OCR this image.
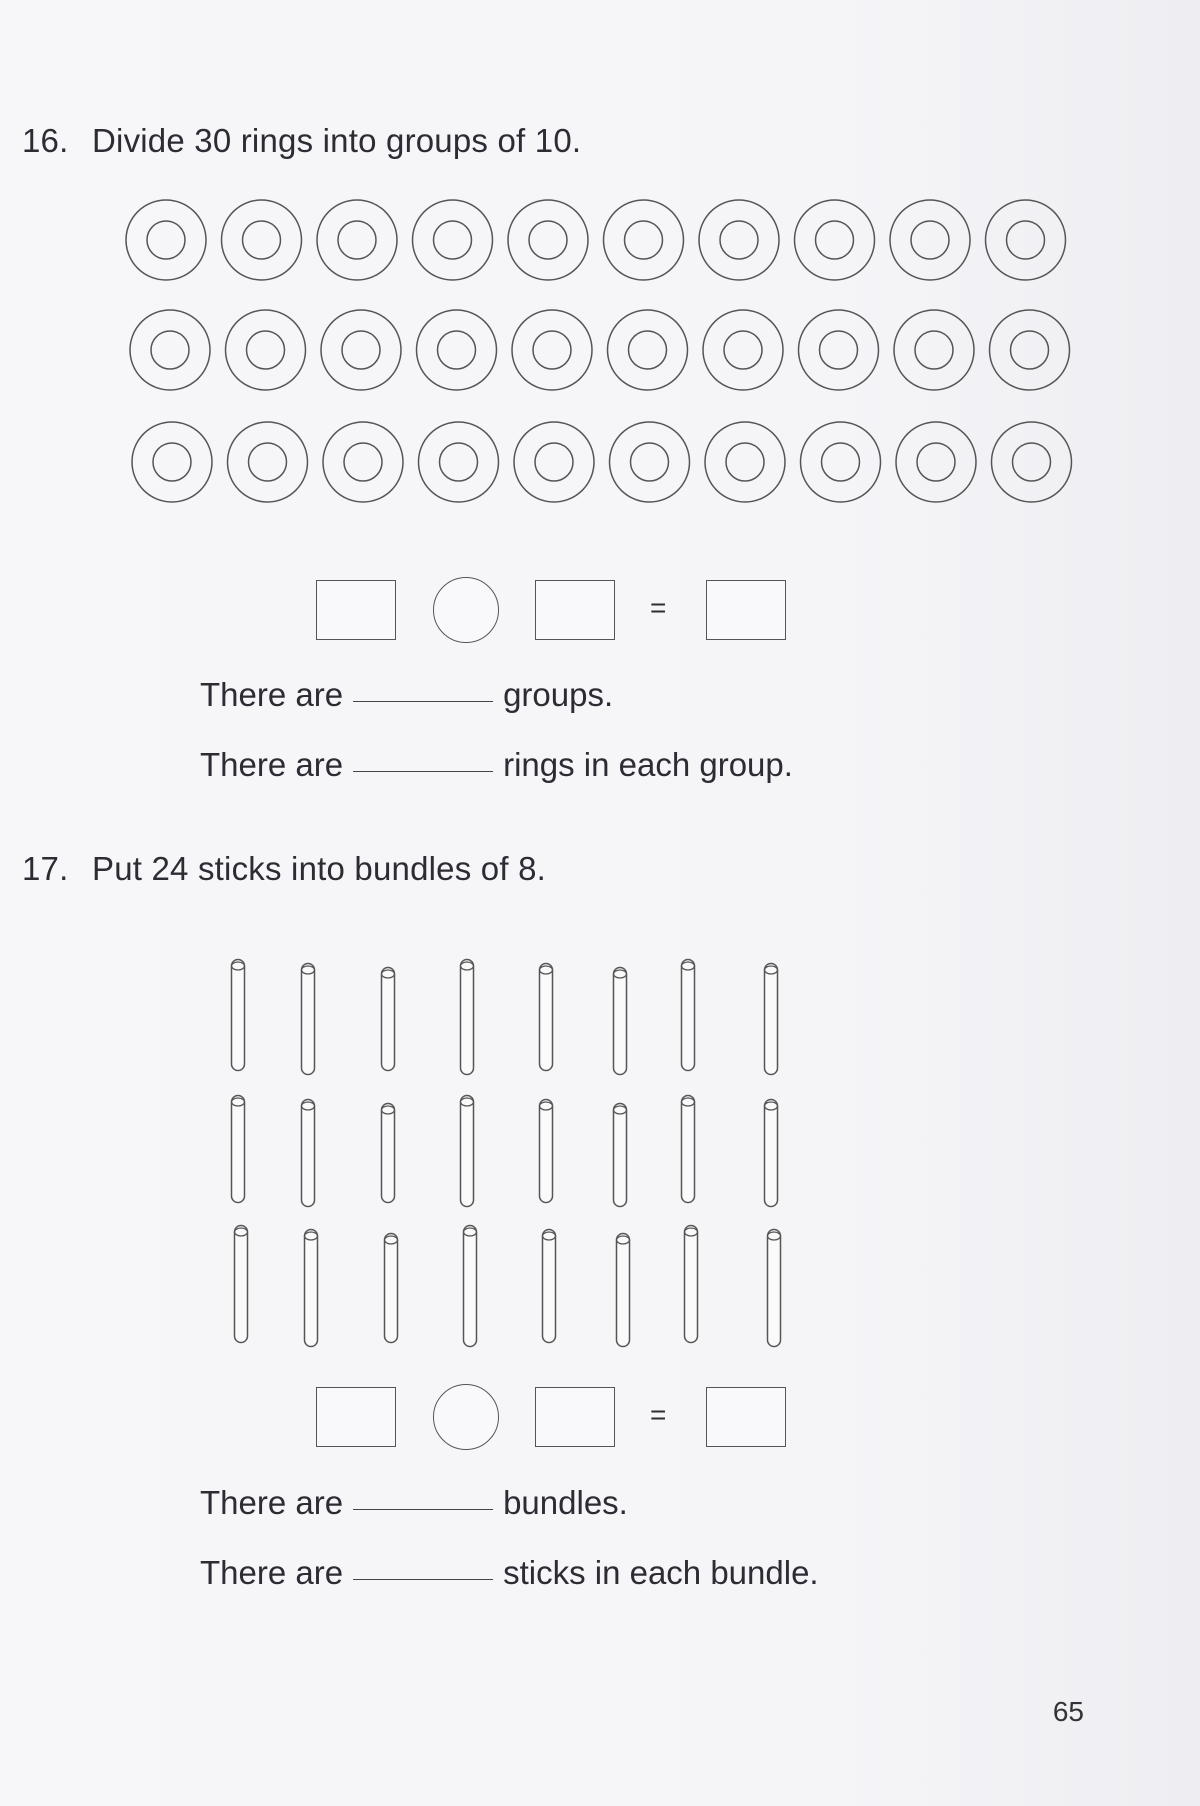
16. Divide 30 rings into groups of 10.
=
There are	groups.
There are	rings in each group.
17. Put 24 sticks into bundles of 8.
=
There are	bundles.
There are	sticks in each bundle.
65
